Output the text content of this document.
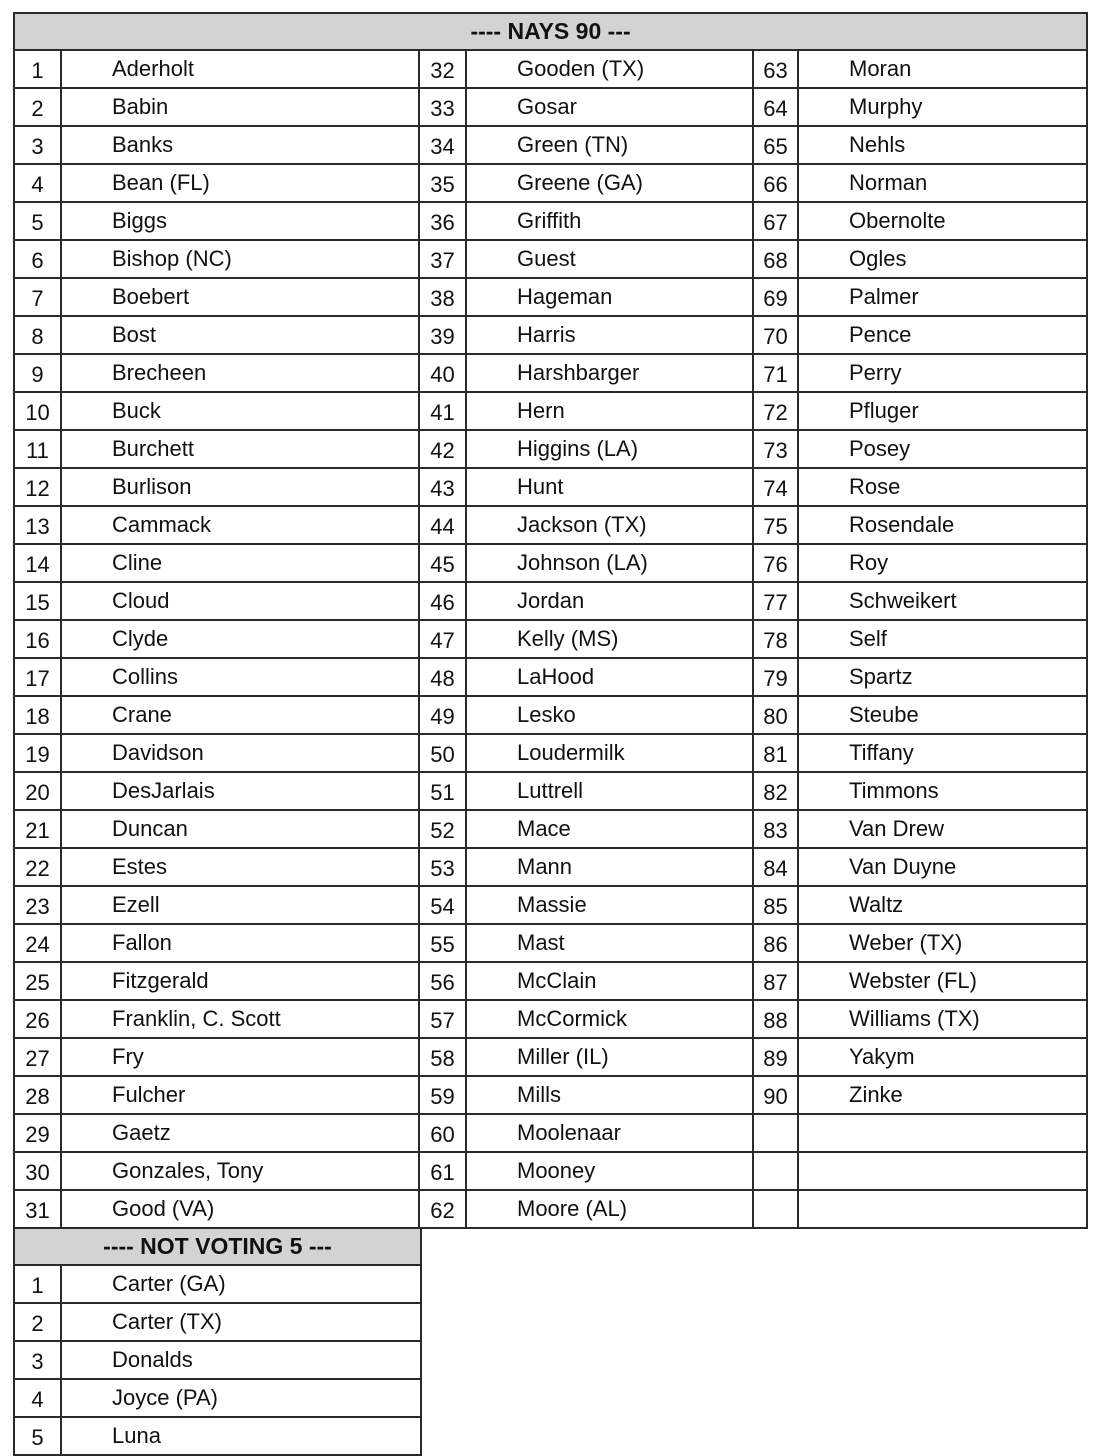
---- NAYS 90 ---					
1	Aderholt	32	Gooden (TX)	63	Moran
2	Babin	33	Gosar	64	Murphy
3	Banks	34	Green (TN)	65	Nehls
4	Bean (FL)	35	Greene (GA)	66	Norman
5	Biggs	36	Griffith	67	Obernolte
6	Bishop (NC)	37	Guest	68	Ogles
7	Boebert	38	Hageman	69	Palmer
8	Bost	39	Harris	70	Pence
9	Brecheen	40	Harshbarger	71	Perry
10	Buck	41	Hern	72	Pfluger
11	Burchett	42	Higgins (LA)	73	Posey
12	Burlison	43	Hunt	74	Rose
13	Cammack	44	Jackson (TX)	75	Rosendale
14	Cline	45	Johnson (LA)	76	Roy
15	Cloud	46	Jordan	77	Schweikert
16	Clyde	47	Kelly (MS)	78	Self
17	Collins	48	LaHood	79	Spartz
18	Crane	49	Lesko	80	Steube
19	Davidson	50	Loudermilk	81	Tiffany
20	DesJarlais	51	Luttrell	82	Timmons
21	Duncan	52	Mace	83	Van Drew
22	Estes	53	Mann	84	Van Duyne
23	Ezell	54	Massie	85	Waltz
24	Fallon	55	Mast	86	Weber (TX)
25	Fitzgerald	56	McClain	87	Webster (FL)
26	Franklin, C. Scott	57	McCormick	88	Williams (TX)
27	Fry	58	Miller (IL)	89	Yakym
28	Fulcher	59	Mills	90	Zinke
29	Gaetz	60	Moolenaar		
30	Gonzales, Tony	61	Mooney		
31	Good (VA)	62	Moore (AL)		
---- NOT VOTING 5 ---	
1	Carter (GA)
2	Carter (TX)
3	Donalds
4	Joyce (PA)
5	Luna
